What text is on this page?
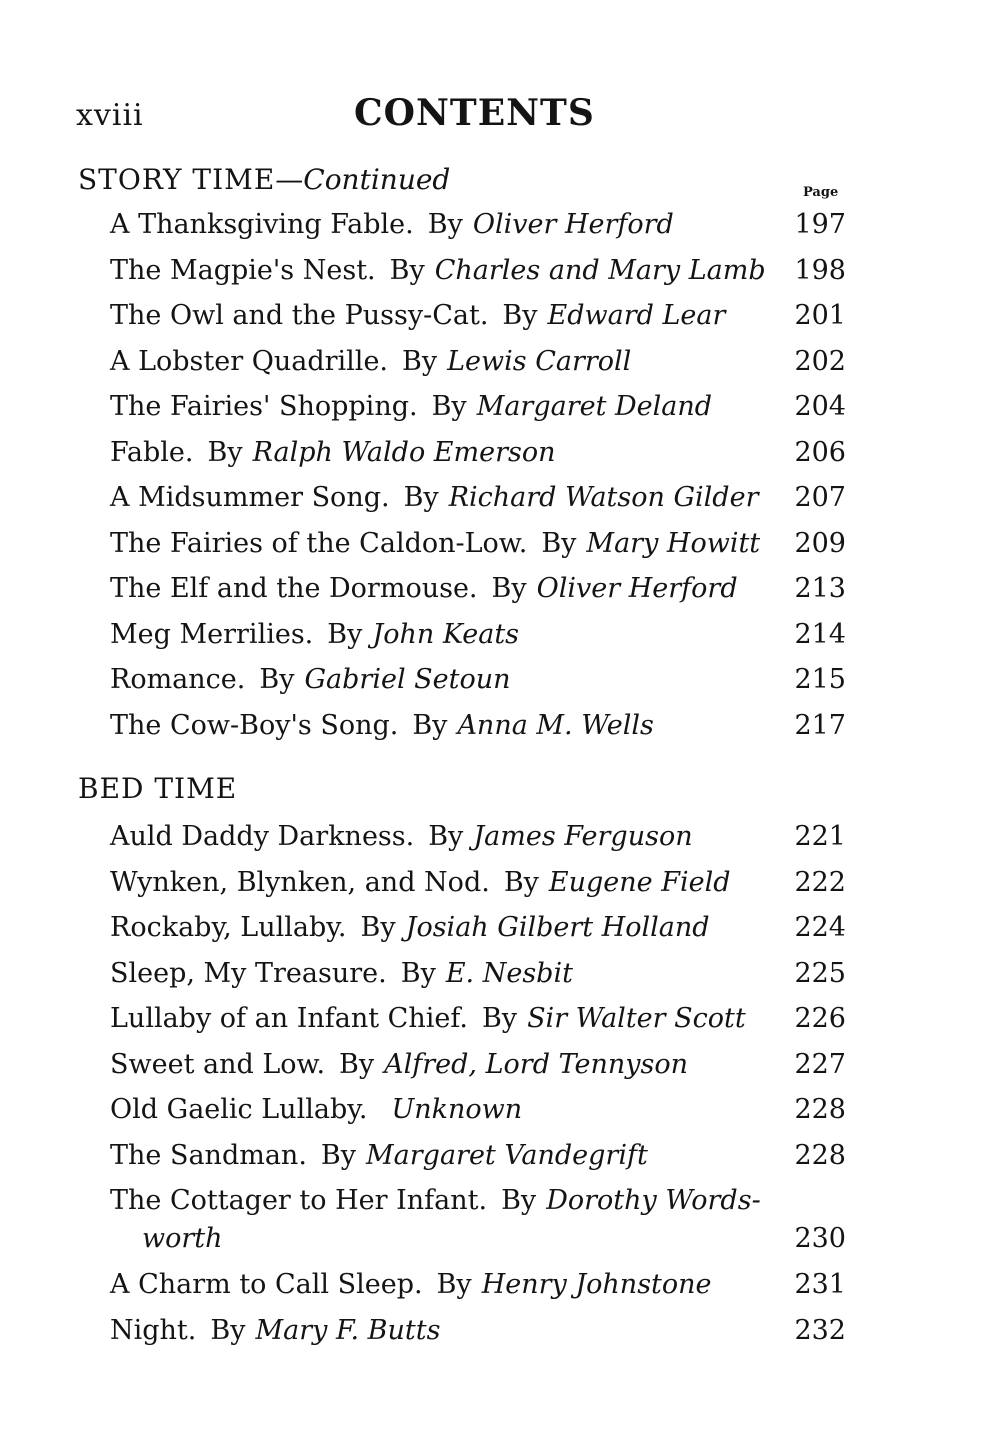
xviii	CONTENTS
STORY TIME—Continued	Page
A Thanksgiving Fable. By Oliver Herford	197
The Magpie's Nest. By Charles and Mary Lamb 198
The Owl and the Pussy-Cat. By Edward Lear	201
A Lobster Quadrille. By Lewis Carroll	202
The Fairies' Shopping. By Margaret Deland	204
Fable. By Ralph Waldo Emerson	206
A Midsummer Song. By Richard Watson Gilder 207
The Fairies of the Caldon-Low. By Mary Howitt 209
The Elf and the Dormouse. By Oliver Herford 213
Meg Merrilies. By John Keats	214
Romance. By Gabriel Setoun	215
The Cow-Boy's Song. By Anna M. Wells	217
BED TIME
Auld Daddy Darkness. By James Ferguson	221
Wynken, Blynken, and Nod. By Eugene Field 222
Rockaby, Lullaby. By Josiah Gilbert Holland	224
Sleep, My Treasure. By E. Nesbit	225
Lullaby of an Infant Chief. By Sir Walter Scott 226
Sweet and Low. By Alfred, Lord Tennyson	227
Old Gaelic Lullaby. Unknown	228
The Sandman. By Margaret Vandegrift	228
The Cottager to Her Infant. By Dorothy Words-
worth	230
A Charm to Call Sleep. By Henry Johnstone	231
Night. By Mary F. Butts	232
